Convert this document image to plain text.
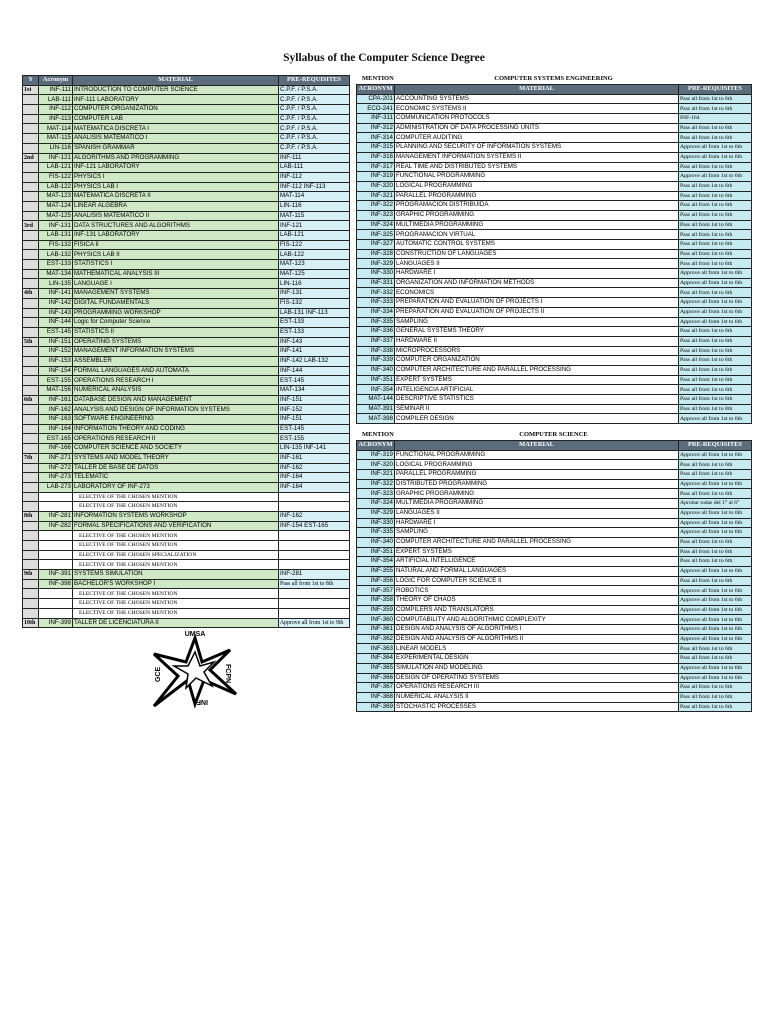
Syllabus of the Computer Science Degree
S	Acronym	MATERIAL	PRE-REQUISITES
1st	INF-111	INTRODUCTION TO COMPUTER SCIENCE	C.P.F. / P.S.A.
	LAB-111	INF-111 LABORATORY	C.P.F. / P.S.A.
	INF-112	COMPUTER ORGANIZATION	C.P.F. / P.S.A.
	INF-113	COMPUTER LAB	C.P.F. / P.S.A.
	MAT-114	MATEMATICA DISCRETA I	C.P.F. / P.S.A.
	MAT-115	ANALISIS MATEMATICO I	C.P.F. / P.S.A.
	LIN-116	SPANISH GRAMMAR	C.P.F. / P.S.A.
2nd	INF-121	ALGORITHMS AND PROGRAMMING	INF-111
	LAB-121	INF-121 LABORATORY	LAB-111
	FIS-122	PHYSICS I	INF-112
	LAB-122	PHYSICS LAB I	INF-112 INF-113
	MAT-123	MATEMATICA DISCRETA II	MAT-114
	MAT-124	LINEAR ALGEBRA	LIN-116
	MAT-125	ANALISIS MATEMATICO II	MAT-115
3rd	INF-131	DATA STRUCTURES AND ALGORITHMS	INF-121
	LAB-131	INF-131 LABORATORY	LAB-121
	FIS-132	FISICA II	FIS-122
	LAB-132	PHYSICS LAB II	LAB-122
	EST-133	STATISTICS I	MAT-123
	MAT-134	MATHEMATICAL ANALYSIS III	MAT-125
	LIN-135	LANGUAGE I	LIN-116
4th	INF-141	MANAGEMENT SYSTEMS	INF-131
	INF-142	DIGITAL FUNDAMENTALS	FIS-132
	INF-143	PROGRAMMING WORKSHOP	LAB-131 INF-113
	INF-144	Logic for Computer Science	EST-133
	EST-145	STATISTICS II	EST-133
5th	INF-151	OPERATING SYSTEMS	INF-143
	INF-152	MANAGEMENT INFORMATION SYSTEMS	INF-141
	INF-153	ASSEMBLER	INF-142 LAB-132
	INF-154	FORMAL LANGUAGES AND AUTOMATA	INF-144
	EST-155	OPERATIONS RESEARCH I	EST-145
	MAT-156	NUMERICAL ANALYSIS	MAT-134
6th	INF-161	DATABASE DESIGN AND MANAGEMENT	INF-151
	INF-162	ANALYSIS AND DESIGN OF INFORMATION SYSTEMS	INF-152
	INF-163	SOFTWARE ENGINEERING	INF-151
	INF-164	INFORMATION THEORY AND CODING	EST-145
	EST-165	OPERATIONS RESEARCH II	EST-155
	INF-166	COMPUTER SCIENCE AND SOCIETY	LIN-135 INF-141
7th	INF-271	SYSTEMS AND MODEL THEORY	INF-161
	INF-272	TALLER DE BASE DE DATOS	INF-162
	INF-273	TELEMATIC	INF-164
	LAB-273	LABORATORY OF INF-273	INF-164
		ELECTIVE OF THE CHOSEN MENTION	
		ELECTIVE OF THE CHOSEN MENTION	
8th	INF-281	INFORMATION SYSTEMS WORKSHOP	INF-162
	INF-282	FORMAL SPECIFICATIONS AND VERIFICATION	INF-154 EST-165
		ELECTIVE OF THE CHOSEN MENTION	
		ELECTIVE OF THE CHOSEN MENTION	
		ELECTIVE OF THE CHOSEN SPECIALIZATION	
		ELECTIVE OF THE CHOSEN MENTION	
9th	INF-391	SYSTEMS SIMULATION	INF-281
	INF-398	BACHELOR'S WORKSHOP I	Pass all from 1st to 8th
		ELECTIVE OF THE CHOSEN MENTION	
		ELECTIVE OF THE CHOSEN MENTION	
		ELECTIVE OF THE CHOSEN MENTION	
10th	INF-399	TALLER DE LICENCIATURA II	Approve all from 1st to 9th
MENTION	COMPUTER SYSTEMS ENGINEERING
ACRONYM	MATERIAL	PRE-REQUISITES
CPA-201	ACCOUNTING SYSTEMS	Pass all from 1st to 6th
ECO-241	ECONOMIC SYSTEMS II	Pass all from 1st to 6th
INF-311	COMMUNICATION PROTOCOLS	INF-164
INF-312	ADMINISTRATION OF DATA PROCESSING UNITS	Pass all from 1st to 6th
INF-314	COMPUTER AUDITING	Pass all from 1st to 6th
INF-315	PLANNING AND SECURITY OF INFORMATION SYSTEMS	Approve all from 1st to 6th
INF-316	MANAGEMENT INFORMATION SYSTEMS II	Approve all from 1st to 6th
INF-317	REAL TIME AND DISTRIBUTED SYSTEMS	Pass all from 1st to 6th
INF-319	FUNCTIONAL PROGRAMMING	Approve all from 1st to 6th
INF-320	LOGICAL PROGRAMMING	Pass all from 1st to 6th
INF-321	PARALLEL PROGRAMMING	Pass all from 1st to 6th
INF-322	PROGRAMACION DISTRIBUIDA	Pass all from 1st to 6th
INF-323	GRAPHIC PROGRAMMING	Pass all from 1st to 6th
INF-324	MULTIMEDIA PROGRAMMING	Pass all from 1st to 6th
INF-325	PROGRAMACION VIRTUAL	Pass all from 1st to 6th
INF-327	AUTOMATIC CONTROL SYSTEMS	Pass all from 1st to 6th
INF-328	CONSTRUCTION OF LANGUAGES	Pass all from 1st to 6th
INF-329	LANGUAGES II	Pass all from 1st to 6th
INF-330	HARDWARE I	Approve all from 1st to 6th
INF-331	ORGANIZATION AND INFORMATION METHODS	Approve all from 1st to 6th
INF-332	ECONOMICS	Pass all from 1st to 6th
INF-333	PREPARATION AND EVALUATION OF PROJECTS I	Approve all from 1st to 6th
INF-334	PREPARATION AND EVALUATION OF PROJECTS II	Approve all from 1st to 6th
INF-335	SAMPLING	Approve all from 1st to 6th
INF-336	GENERAL SYSTEMS THEORY	Pass all from 1st to 6th
INF-337	HARDWARE II	Pass all from 1st to 6th
INF-338	MICROPROCESSORS	Pass all from 1st to 6th
INF-339	COMPUTER ORGANIZATION	Pass all from 1st to 6th
INF-340	COMPUTER ARCHITECTURE AND PARALLEL PROCESSING	Pass all from 1st to 6th
INF-351	EXPERT SYSTEMS	Pass all from 1st to 6th
INF-354	INTELIGENCIA ARTIFICIAL	Pass all from 1st to 6th
MAT-144	DESCRIPTIVE STATISTICS	Pass all from 1st to 6th
MAT-391	SEMINAR II	Pass all from 1st to 8th
MAT-398	COMPILER DESIGN	Approve all from 1st to 6th
MENTION	COMPUTER SCIENCE
ACRONYM	MATERIAL	PRE-REQUISITES
INF-319	FUNCTIONAL PROGRAMMING	Approve all from 1st to 6th
INF-320	LOGICAL PROGRAMMING	Pass all from 1st to 6th
INF-321	PARALLEL PROGRAMMING	Pass all from 1st to 6th
INF-322	DISTRIBUTED PROGRAMMING	Approve all from 1st to 6th
INF-323	GRAPHIC PROGRAMMING	Pass all from 1st to 6th
INF-324	MULTIMEDIA PROGRAMMING	Aprobar todas del 1° al 6°
INF-329	LANGUAGES II	Approve all from 1st to 6th
INF-330	HARDWARE I	Approve all from 1st to 6th
INF-335	SAMPLING	Approve all from 1st to 6th
INF-340	COMPUTER ARCHITECTURE AND PARALLEL PROCESSING	Pass all from 1st to 6th
INF-351	EXPERT SYSTEMS	Pass all from 1st to 6th
INF-354	ARTIFICIAL INTELLIGENCE	Pass all from 1st to 6th
INF-355	NATURAL AND FORMAL LANGUAGES	Approve all from 1st to 6th
INF-356	LOGIC FOR COMPUTER SCIENCE II	Pass all from 1st to 6th
INF-357	ROBOTICS	Approve all from 1st to 6th
INF-358	THEORY OF CHAOS	Approve all from 1st to 6th
INF-359	COMPILERS AND TRANSLATORS	Approve all from 1st to 6th
INF-360	COMPUTABILITY AND ALGORITHMIC COMPLEXITY	Approve all from 1st to 6th
INF-361	DESIGN AND ANALYSIS OF ALGORITHMS I	Approve all from 1st to 6th
INF-362	DESIGN AND ANALYSIS OF ALGORITHMS II	Approve all from 1st to 6th
INF-363	LINEAR MODELS	Pass all from 1st to 6th
INF-364	EXPERIMENTAL DESIGN	Pass all from 1st to 6th
INF-365	SIMULATION AND MODELING	Approve all from 1st to 6th
INF-366	DESIGN OF OPERATING SYSTEMS	Approve all from 1st to 6th
INF-367	OPERATIONS RESEARCH III	Pass all from 1st to 6th
INF-368	NUMERICAL ANALYSIS II	Pass all from 1st to 6th
INF-369	STOCHASTIC PROCESSES	Pass all from 1st to 6th
UMSA
FCPN
GCE
INF
